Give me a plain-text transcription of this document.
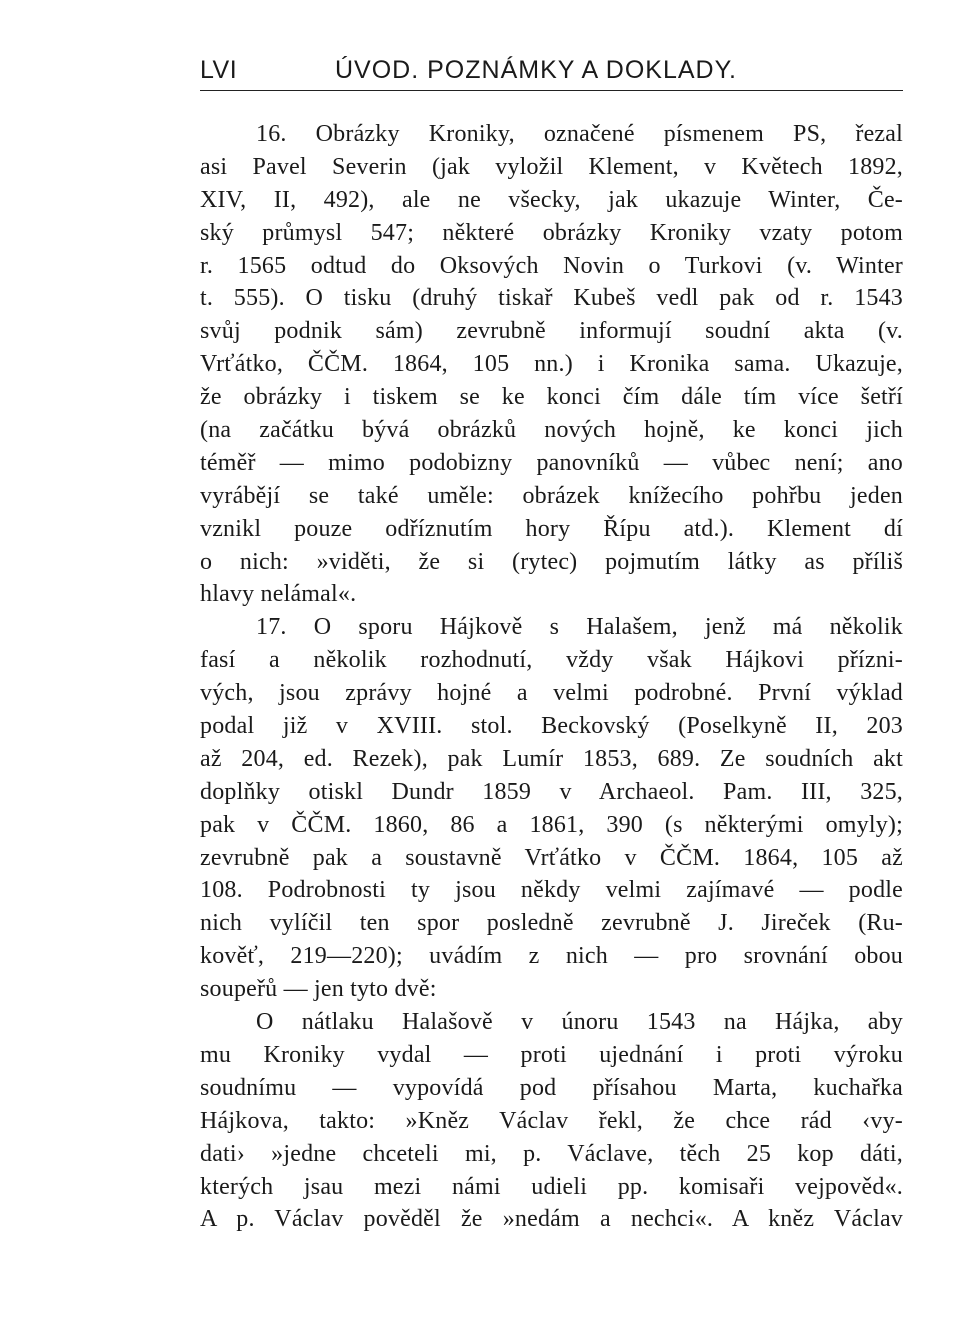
LVI	ÚVOD. POZNÁMKY A DOKLADY.
16. Obrázky Kroniky, označené písmenem PS, řezal
asi Pavel Severin (jak vyložil Klement, v Květech 1892,
XIV, II, 492), ale ne všecky, jak ukazuje Winter, Če-
ský průmysl 547; některé obrázky Kroniky vzaty potom
r. 1565 odtud do Oksových Novin o Turkovi (v. Winter
t. 555). O tisku (druhý tiskař Kubeš vedl pak od r. 1543
svůj podnik sám) zevrubně informují soudní akta (v.
Vrťátko, ČČM. 1864, 105 nn.) i Kronika sama. Ukazuje,
že obrázky i tiskem se ke konci čím dále tím více šetří
(na začátku bývá obrázků nových hojně, ke konci jich
téměř — mimo podobizny panovníků — vůbec není; ano
vyrábějí se také uměle: obrázek knížecího pohřbu jeden
vznikl pouze odříznutím hory Řípu atd.). Klement dí
o nich: »viděti, že si (rytec) pojmutím látky as příliš
hlavy nelámal«.
17. O sporu Hájkově s Halašem, jenž má několik
fasí a několik rozhodnutí, vždy však Hájkovi přízni-
vých, jsou zprávy hojné a velmi podrobné. První výklad
podal již v XVIII. stol. Beckovský (Poselkyně II, 203
až 204, ed. Rezek), pak Lumír 1853, 689. Ze soudních akt
doplňky otiskl Dundr 1859 v Archaeol. Pam. III, 325,
pak v ČČM. 1860, 86 a 1861, 390 (s některými omyly);
zevrubně pak a soustavně Vrťátko v ČČM. 1864, 105 až
108. Podrobnosti ty jsou někdy velmi zajímavé — podle
nich vylíčil ten spor posledně zevrubně J. Jireček (Ru-
kověť, 219—220); uvádím z nich — pro srovnání obou
soupeřů — jen tyto dvě:
O nátlaku Halašově v únoru 1543 na Hájka, aby
mu Kroniky vydal — proti ujednání i proti výroku
soudnímu — vypovídá pod přísahou Marta, kuchařka
Hájkova, takto: »Kněz Václav řekl, že chce rád ‹vy-
dati› »jedne chceteli mi, p. Václave, těch 25 kop dáti,
kterých jsau mezi námi udieli pp. komisaři vejpověd«.
A p. Václav pověděl že »nedám a nechci«. A kněz Václav
